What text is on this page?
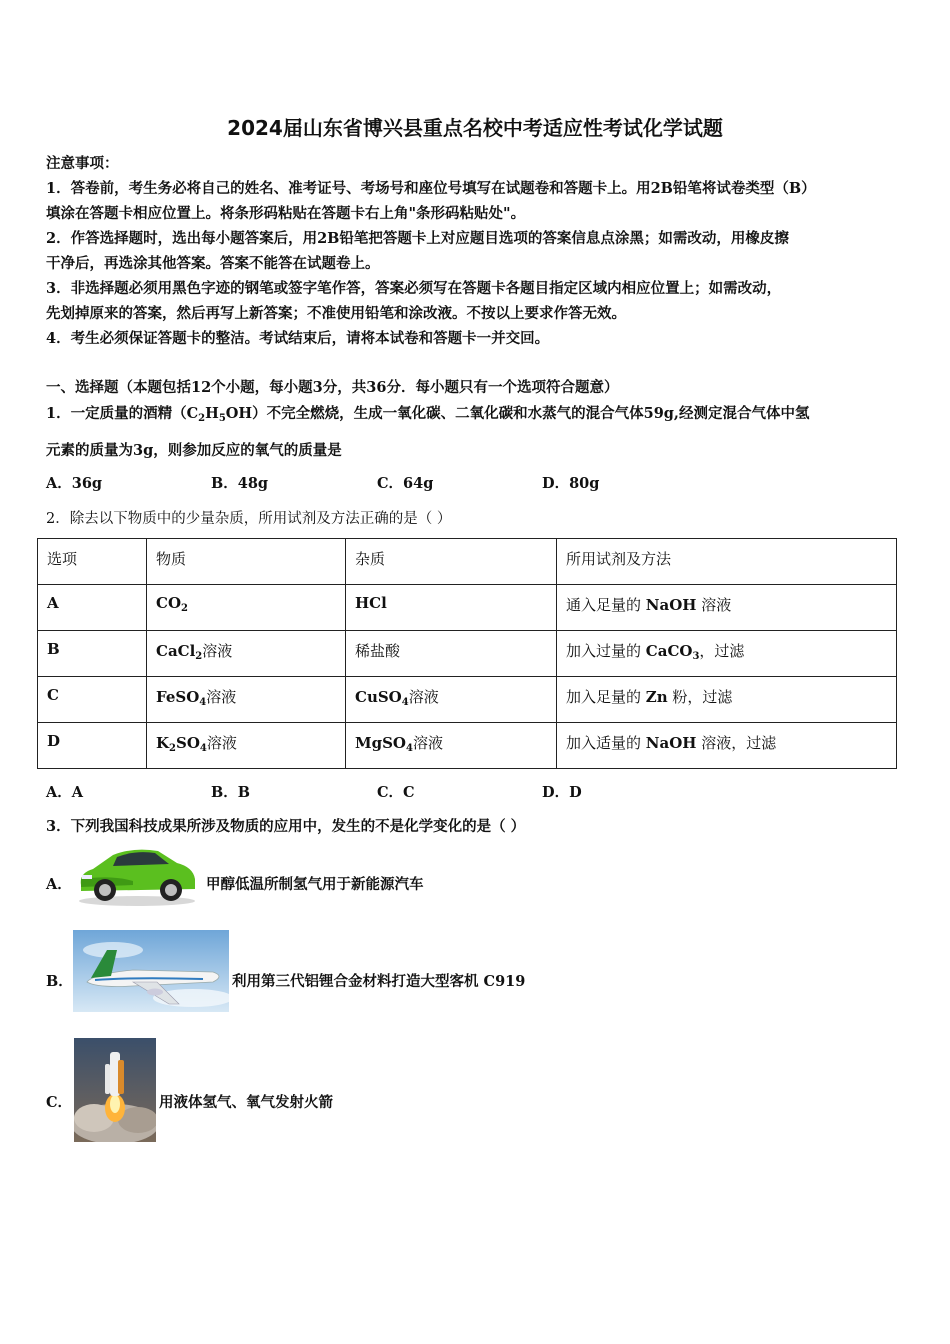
2024届山东省博兴县重点名校中考适应性考试化学试题
注意事项：
1．答卷前，考生务必将自己的姓名、准考证号、考场号和座位号填写在试题卷和答题卡上。用2B铅笔将试卷类型（B）
填涂在答题卡相应位置上。将条形码粘贴在答题卡右上角"条形码粘贴处"。
2．作答选择题时，选出每小题答案后，用2B铅笔把答题卡上对应题目选项的答案信息点涂黑；如需改动，用橡皮擦
干净后，再选涂其他答案。答案不能答在试题卷上。
3．非选择题必须用黑色字迹的钢笔或签字笔作答，答案必须写在答题卡各题目指定区域内相应位置上；如需改动，
先划掉原来的答案，然后再写上新答案；不准使用铅笔和涂改液。不按以上要求作答无效。
4．考生必须保证答题卡的整洁。考试结束后，请将本试卷和答题卡一并交回。
一、选择题（本题包括12个小题，每小题3分，共36分．每小题只有一个选项符合题意）
1．一定质量的酒精$(C_2H_5OH)$不完全燃烧，生成一氧化碳、二氧化碳和水蒸气的混合气体59g,经测定混合气体中氢
元素的质量为3g，则参加反应的氧气的质量是
A．36g	B．48g	C．64g	D．80g
2．除去以下物质中的少量杂质，所用试剂及方法正确的是（ ）
选项	物质	杂质	所用试剂及方法
A	$CO_2$	HCl	通入足量的 NaOH 溶液
B	CaCl$_2$溶液	稀盐酸	加入过量的 CaCO$_3$，过滤
C	FeSO$_4$溶液	CuSO$_4$溶液	加入足量的 Zn 粉，过滤
D	$K_2SO_4$溶液	MgSO$_4$溶液	加入适量的 NaOH 溶液，过滤
A．A	B．B	C．C	D．D
3．下列我国科技成果所涉及物质的应用中，发生的不是化学变化的是（ ）
A．	甲醇低温所制氢气用于新能源汽车
B．	利用第三代铝锂合金材料打造大型客机 C919
C．	用液体氢气、氧气发射火箭
